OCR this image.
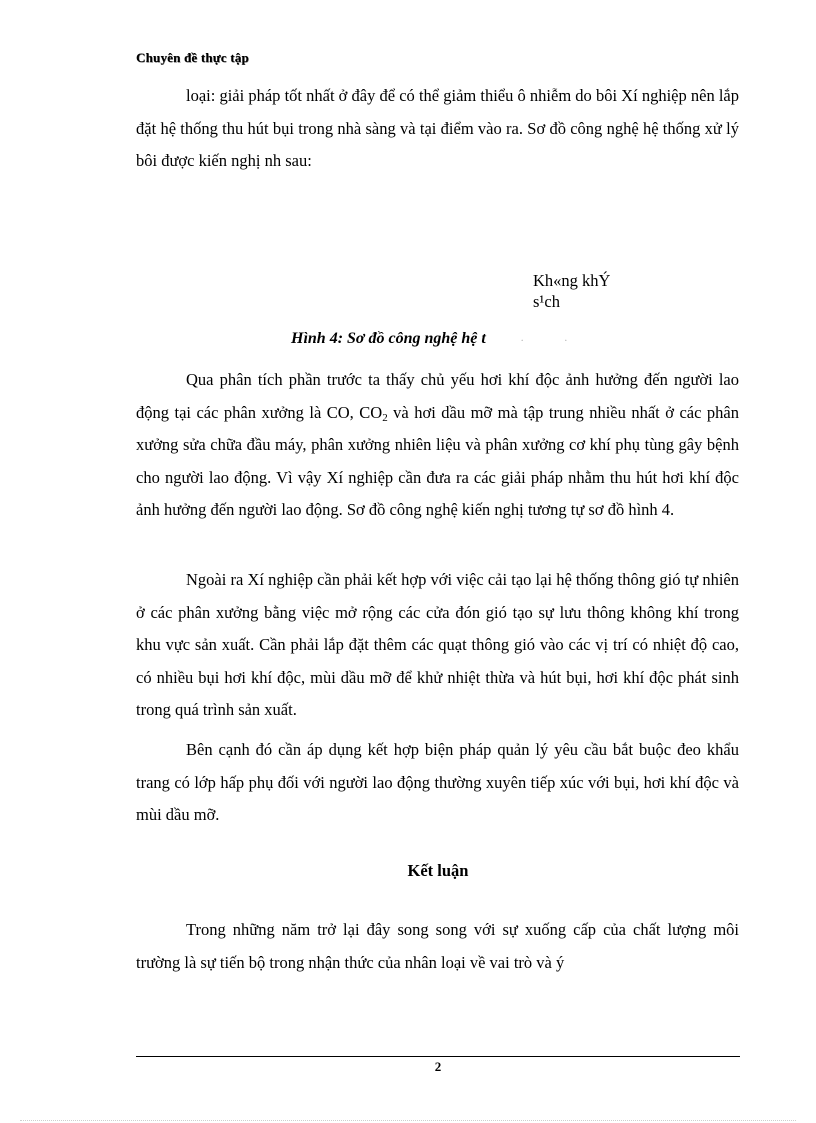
Chuyên đề thực tập

loại: giải pháp tốt nhất ở đây để có thể giảm thiểu ô nhiễm do bôi Xí nghiệp nên lắp đặt hệ thống thu hút bụi trong nhà sàng và tại điểm vào ra. Sơ đồ công nghệ hệ thống xử lý bôi được kiến nghị nh sau:

Kh«ng khÝ
s¹ch
Hình 4: Sơ đồ công nghệ hệ t	˙ ˙

Qua phân tích phần trước ta thấy chủ yếu hơi khí độc ảnh hưởng đến người lao động tại các phân xưởng là CO, $CO_2$ và hơi dầu mỡ mà tập trung nhiều nhất ở các phân xưởng sửa chữa đầu máy, phân xưởng nhiên liệu và phân xưởng cơ khí phụ tùng gây bệnh cho người lao động. Vì vậy Xí nghiệp cần đưa ra các giải pháp nhằm thu hút hơi khí độc ảnh hưởng đến người lao động. Sơ đồ công nghệ kiến nghị tương tự sơ đồ hình 4.

Ngoài ra Xí nghiệp cần phải kết hợp với việc cải tạo lại hệ thống thông gió tự nhiên ở các phân xưởng bằng việc mở rộng các cửa đón gió tạo sự lưu thông không khí trong khu vực sản xuất. Cần phải lắp đặt thêm các quạt thông gió vào các vị trí có nhiệt độ cao, có nhiều bụi hơi khí độc, mùi dầu mỡ để khử nhiệt thừa và hút bụi, hơi khí độc phát sinh trong quá trình sản xuất.

Bên cạnh đó cần áp dụng kết hợp biện pháp quản lý yêu cầu bắt buộc đeo khẩu trang có lớp hấp phụ đối với người lao động thường xuyên tiếp xúc với bụi, hơi khí độc và mùi dầu mỡ.

Kết luận

Trong những năm trở lại đây song song với sự xuống cấp của chất lượng môi trường là sự tiến bộ trong nhận thức của nhân loại về vai trò và ý

2
